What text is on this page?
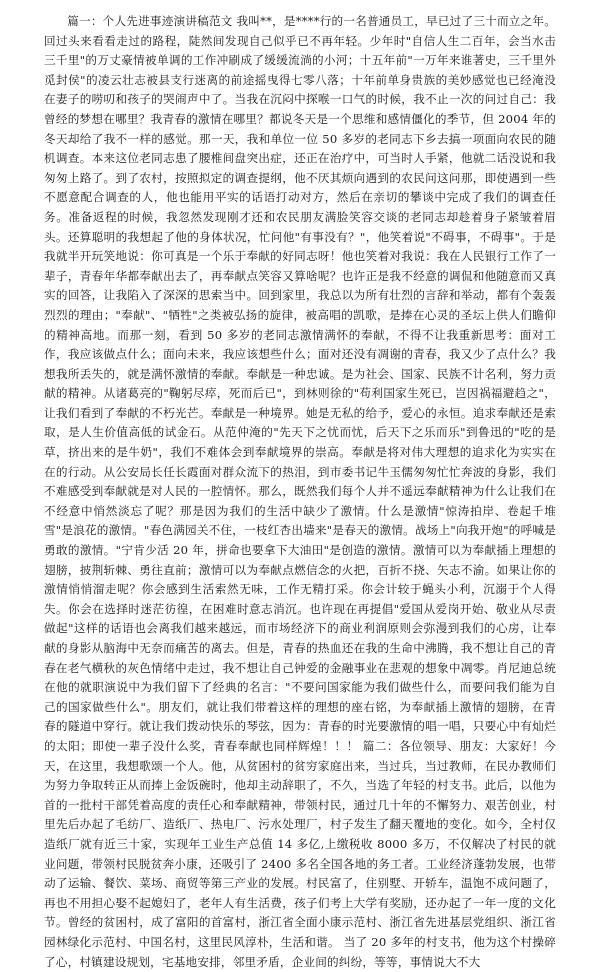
篇一：个人先进事迹演讲稿范文 我叫**，是****行的一名普通员工，早已过了三十而立之年。回过头来看看走过的路程，陡然间发现自己似乎已不再年轻。少年时"自信人生二百年，会当水击三千里"的万丈豪情被单调的工作冲刷成了缓缓流淌的小河；十五年前"一万年来谁著史，三千里外觅封侯"的凌云壮志被县支行迷离的前途摇曳得七零八落；十年前单身贵族的美妙感觉也已经淹没在妻子的唠叨和孩子的哭闹声中了。当我在沉闷中探喉一口气的时候，我不止一次的问过自己：我曾经的梦想在哪里？我青春的激情在哪里？都说冬天是一个思维和感情僵化的季节，但 2004 年的冬天却给了我不一样的感觉。那一天，我和单位一位 50 多岁的老同志下乡去搞一项面向农民的随机调查。本来这位老同志患了腰椎间盘突出症，还正在治疗中，可当时人手紧，他就二话没说和我匆匆上路了。到了农村，按照拟定的调查提纲，他不厌其烦向遇到的农民问这问那，即使遇到一些不愿意配合调查的人，他也能用平实的话语打动对方，然后在亲切的攀谈中完成了我们的调查任务。准备返程的时候，我忽然发现刚才还和农民朋友满脸笑容交谈的老同志却趁着身子紧皱着眉头。还算聪明的我想起了他的身体状况，忙问他"有事没有？"，他笑着说"不碍事，不碍事"。于是我就半开玩笑地说：你可真是一个乐于奉献的好同志呀！他也笑着对我说：我在人民银行工作了一辈子，青春年华都奉献出去了，再奉献点笑容又算啥呢？也许正是我不经意的调侃和他随意而又真实的回答，让我陷入了深深的思索当中。回到家里，我总以为所有壮烈的言辞和举动，都有个轰轰烈烈的理由；"奉献"、"牺牲"之类被弘扬的旋律，被高唱的凯歌，是捧在心灵的圣坛上供人们瞻仰的精神高地。而那一刻，看到 50 多岁的老同志激情满怀的奉献，不得不让我重新思考：面对工作，我应该做点什么；面向未来，我应该想些什么；面对还没有凋谢的青春，我又少了点什么？我想我所丢失的，就是满怀激情的奉献。奉献是一种忠诚。是为社会、国家、民族不计名利，努力贡献的精神。从诸葛亮的"鞠躬尽瘁，死而后已"，到林则徐的"苟利国家生死已，岂因祸福避趋之"，让我们看到了奉献的不朽光芒。奉献是一种境界。她是无私的给予，爱心的永恒。追求奉献还是索取，是人生价值高低的试金石。从范仲淹的"先天下之忧而忧，后天下之乐而乐"到鲁迅的"吃的是草，挤出来的是牛奶"，我们不难体会到奉献境界的崇高。奉献是将对伟大理想的追求化为实实在在的行动。从公安局长任长霞面对群众流下的热泪，到市委书记牛玉儒匆匆忙忙奔波的身影，我们不难感受到奉献就是对人民的一腔情怀。那么，既然我们每个人并不遥远奉献精神为什么让我们在不经意中悄然淡忘了呢？那是因为我们的生活中缺少了激情。什么是激情"惊涛拍岸、卷起千堆雪"是浪花的激情。"春色满园关不住，一枝红杏出墙来"是春天的激情。战场上"向我开炮"的呼喊是勇敢的激情。"宁肯少活 20 年，拼命也要拿下大油田"是创造的激情。激情可以为奉献插上理想的翅膀，披荆斩棘、勇往直前；激情可以为奉献点燃信念的火把，百折不挠、矢志不渝。如果让你的激情悄悄溜走呢？你会感到生活索然无味，工作无精打采。你会计较于蝇头小利，沉溺于个人得失。你会在选择时迷茫彷徨，在困难时意志消沉。也许现在再提倡"爱国从爱岗开始、敬业从尽责做起"这样的话语也会离我们越来越远，而市场经济下的商业利润原则会弥漫到我们的心房，让奉献的身影从脑海中无奈而痛苦的离去。但是，青春的热血还在我的生命中沸腾，我不想让自己的青春在老气横秋的灰色情绪中走过，我不想让自己钟爱的金融事业在悲观的想象中凋零。肖尼迪总统在他的就职演说中为我们留下了经典的名言："不要问国家能为我们做些什么，而要问我们能为自己的国家做些什么"。朋友们，就让我们带着这样的理想的座右铭，为奉献插上激情的翅膀，在青春的隧道中穿行。就让我们拨动快乐的琴弦，因为：青春的时光要激情的唱一唱，只要心中有灿烂的太阳；即使一辈子没什么奖，青春奉献也同样辉煌！！！ 篇二：各位领导、朋友：大家好！今天，在这里，我想歌颂一个人。他，从贫困村的贫穷家庭出来，当过兵，当过教师，在民办教师们为努力争取转正从而捧上金饭碗时，他却主动辞职了，不久，当选了年轻的村支书。此后，以他为首的一批村干部凭着高度的责任心和奉献精神，带领村民，通过几十年的不懈努力、艰苦创业，村里先后办起了毛纺厂、造纸厂、热电厂、污水处理厂，村子发生了翻天覆地的变化。如今，全村仅造纸厂就有近三十家，实现年工业生产总值 14 多亿,上缴税收 8000 多万，不仅解决了村民的就业问题，带领村民脱贫奔小康，还吸引了 2400 多名全国各地的务工者。工业经济蓬勃发展，也带动了运输、餐饮、菜场、商贸等第三产业的发展。村民富了，住别墅、开轿车，温饱不成问题了，再也不用担心娶不起媳妇了，老年人有生活费，孩子们考上大学有奖励，还办起了一年一度的文化节。曾经的贫困村，成了富阳的首富村，浙江省全面小康示范村、浙江省先进基层党组织、浙江省园林绿化示范村、中国名村，这里民风淳朴，生活和谐。 当了 20 多年的村支书，他为这个村操碎了心，村镇建设规划，宅基地安排，邻里矛盾，企业间的纠纷，等等，事情说大不大
